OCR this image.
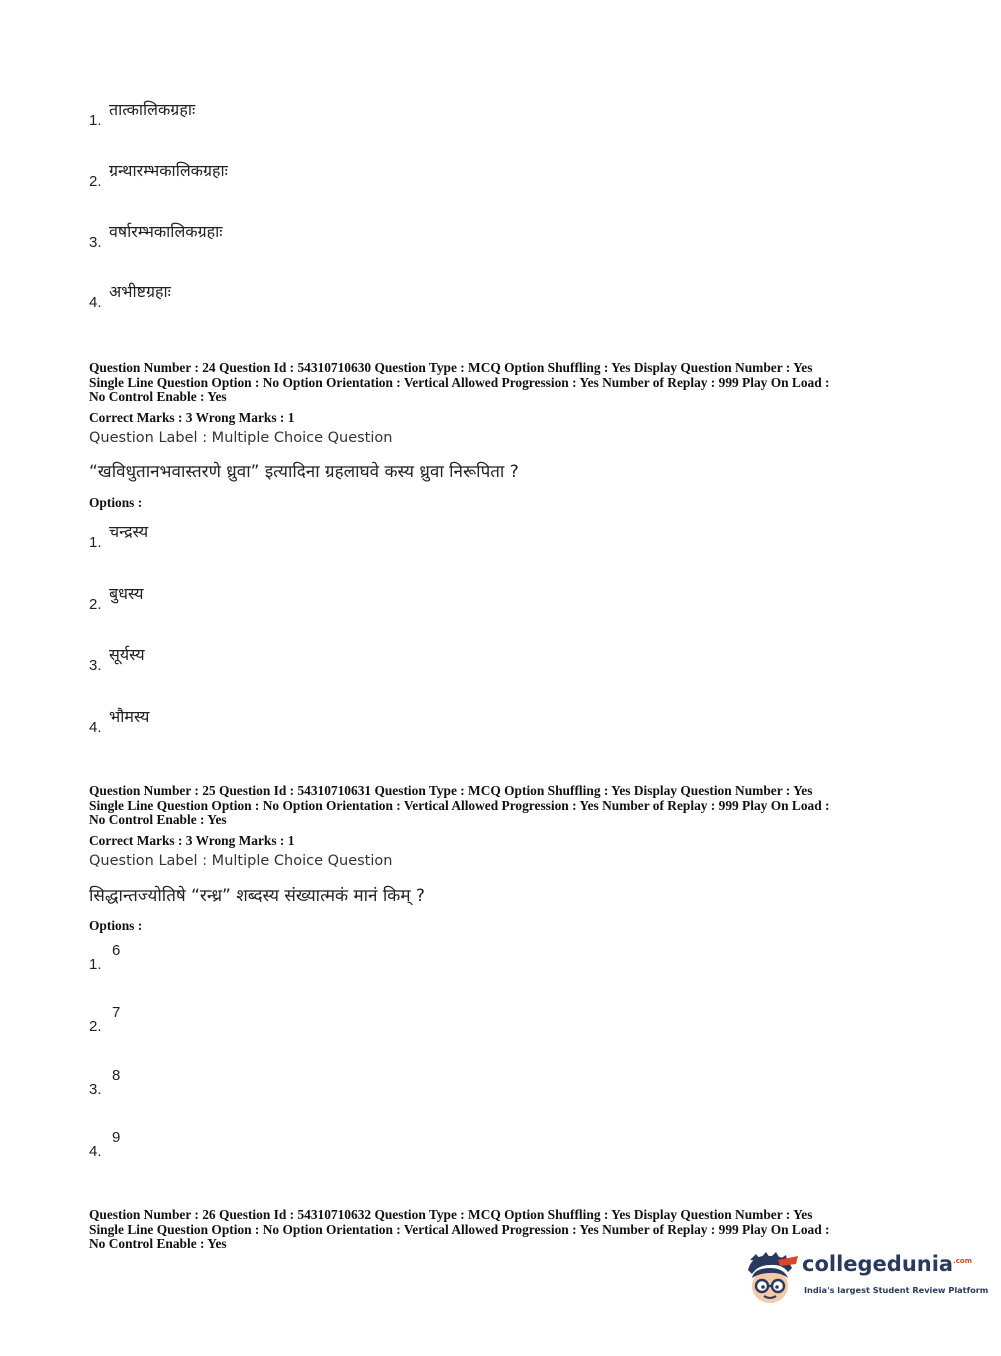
1.
तात्कालिकग्रहाः
2.
ग्रन्थारम्भकालिकग्रहाः
3.
वर्षारम्भकालिकग्रहाः
4.
अभीष्टग्रहाः
Question Number : 24 Question Id : 54310710630 Question Type : MCQ Option Shuffling : Yes Display Question Number : Yes
Single Line Question Option : No Option Orientation : Vertical Allowed Progression : Yes Number of Replay : 999 Play On Load :
No Control Enable : Yes
Correct Marks : 3 Wrong Marks : 1
Question Label : Multiple Choice Question
“खविधुतानभवास्तरणे ध्रुवा” इत्यादिना ग्रहलाघवे कस्य ध्रुवा निरूपिता ?
Options :
1.
चन्द्रस्य
2.
बुधस्य
3.
सूर्यस्य
4.
भौमस्य
Question Number : 25 Question Id : 54310710631 Question Type : MCQ Option Shuffling : Yes Display Question Number : Yes
Single Line Question Option : No Option Orientation : Vertical Allowed Progression : Yes Number of Replay : 999 Play On Load :
No Control Enable : Yes
Correct Marks : 3 Wrong Marks : 1
Question Label : Multiple Choice Question
सिद्धान्तज्योतिषे “रन्ध्र” शब्दस्य संख्यात्मकं मानं किम् ?
Options :
1.
6
2.
7
3.
8
4.
9
Question Number : 26 Question Id : 54310710632 Question Type : MCQ Option Shuffling : Yes Display Question Number : Yes
Single Line Question Option : No Option Orientation : Vertical Allowed Progression : Yes Number of Replay : 999 Play On Load :
No Control Enable : Yes
collegedunia$^{.com}$
India's largest Student Review Platform
